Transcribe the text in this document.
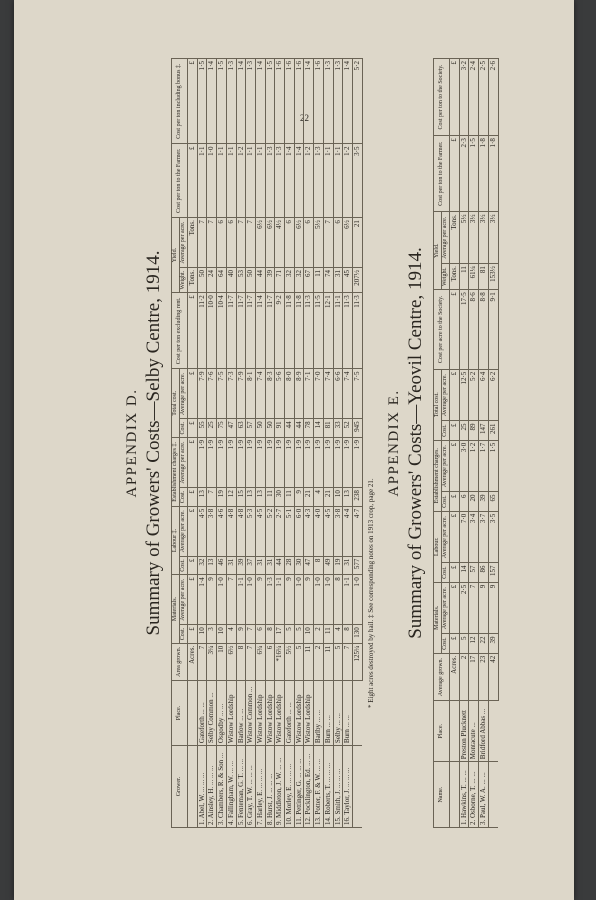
22

APPENDIX D. Summary of Growers' Costs—Selby Centre, 1914.

Grower.	Place.	Area grown.	Materials.		Labour ‡.		Establishment charges ‡.		Total cost.		Cost per ton excluding rent.	Yield.		Cost per ton to the Farmer.	Cost per ton including bonus ‡.
			Cost.	Average per acre.	Cost.	Average per acre.	Cost.	Average per acre.	Cost.	Average per acre.		Weight.	Average per acre.		
		Acres.	£	£	£	£	£	£	£	£	£	Tons.	Tons.	£	£
1. Abel, W. ... ... ...	Gateforth ... ...	7	10	1·4	32	4·5	13	1·9	55	7·9	11·2	50	7	1·1	1·5
2. Ainsley, H. ... ... ...	Selby Common ...	3¼	3	9	13	3·8	7	1·9	25	7·6	10·0	24	7	1·0	1·4
3. Chambers, R. & Son ...	Osgodby ... ...	10	10	1·0	46	4·6	19	1·9	75	7·5	10·4	64	6	1·1	1·5
4. Fallingham, W. ... ...	Wistow Lordship	6½	4	7	31	4·8	12	1·9	47	7·3	11·7	40	6	1·1	1·3
5. Fenteman, G. T. ... ...	Barlow ... ...	8	9	1·1	39	4·8	15	1·9	63	7·9	11·7	53	7	1·2	1·4
6. Gray, T. W. ... ... ...	Wistow Common ...	7	7	1·0	37	5·3	13	1·9	57	8·1	11·7	50	7	1·1	1·3
7. Harley, E. ... ... ...	Wistow Lordship	6¾	6	9	31	4·5	13	1·9	50	7·4	11·4	44	6½	1·1	1·4
8. Hurst, J. ... ... ...	Wistow Lordship	6	8	1·3	31	5·2	11	1·9	50	8·3	11·7	39	6½	1·3	1·5
9. Middleton, J. W. ... ...	Wistow Lordship	*16¼	17	1·1	44	2·7	30	1·9	91	5·6	9·2	71	4½	1·3	1·6
10. Morley, E. ... ... ...	Gateforth ... ...	5½	5	9	28	5·1	11	1·9	44	8·0	11·8	32	6	1·4	1·6
11. Pettinger, G. ... ... ...	Wistow Lordship	5	5	1·0	30	6·0	9	1·9	44	8·9	11·8	32	6½	1·4	1·6
12. Pocklington, Ed. ... ...	Wistow Lordship	11	10	9	47	4·3	21	1·9	78	7·1	11·3	67	6	1·2	1·4
13. Potter, F. & W. ... ...	Barlby ... ...	2	2	1·0	8	4·0	4	1·9	14	7·0	11·5	11	5½	1·3	1·6
14. Roberts, T. ... ... ...	Burn ... ...	11	11	1·0	49	4·5	21	1·9	81	7·4	12·1	74	7	1·1	1·3
15. Smith, J. ... ... ...	Selby ... ...	5	4	8	19	3·8	10	1·9	33	6·6	11·1	31	6	1·1	1·3
16. Taylor, J. ... ... ...	Burn ... ...	7	8	1·1	31	4·4	13	1·9	52	7·4	11·3	45	6½	1·2	1·4
		125¼	130	1·0	577	4·7	238	1·9	945	7·5	11·3	207½	21	3·5	5·2
* Eight acres destroyed by hail. ‡ See corresponding notes on 1913 crop, page 21.

APPENDIX E. Summary of Growers' Costs—Yeovil Centre, 1914.

Name.	Place.	Average grown.	Materials.		Labour.		Establishment charges.		Total cost.		Cost per acre to the Society.	Yield.		Cost per ton to the Farmer.	Cost per ton to the Society.
			Cost.	Average per acre.	Cost.	Average per acre.	Cost.	Average per acre.	Cost.	Average per acre.		Weight.	Average per acre.		
		Acres.	£	£	£	£	£	£	£	£	£	Tons.	Tons.	£	£
1. Hawkins, T. ... ...	Preston Plucknett	2	5	2·5	14	7·0	6	3·0	25	12·5	17·5	11	5½	2·3	3·2
2. Osborne, T. ... ...	Montacute ...	17	12	7	57	3·4	20	1·2	89	5·2	8·6	61¼	3½	1·5	2·4
3. Paul, W. A. ... ...	Bridford Abbas ...	23	22	9	86	3·7	39	1·7	147	6·4	8·8	81	3½	1·8	2·5
		42	39	9	157	3·5	65	1·5	261	6·2	9·1	153½	3½	1·8	2·6
